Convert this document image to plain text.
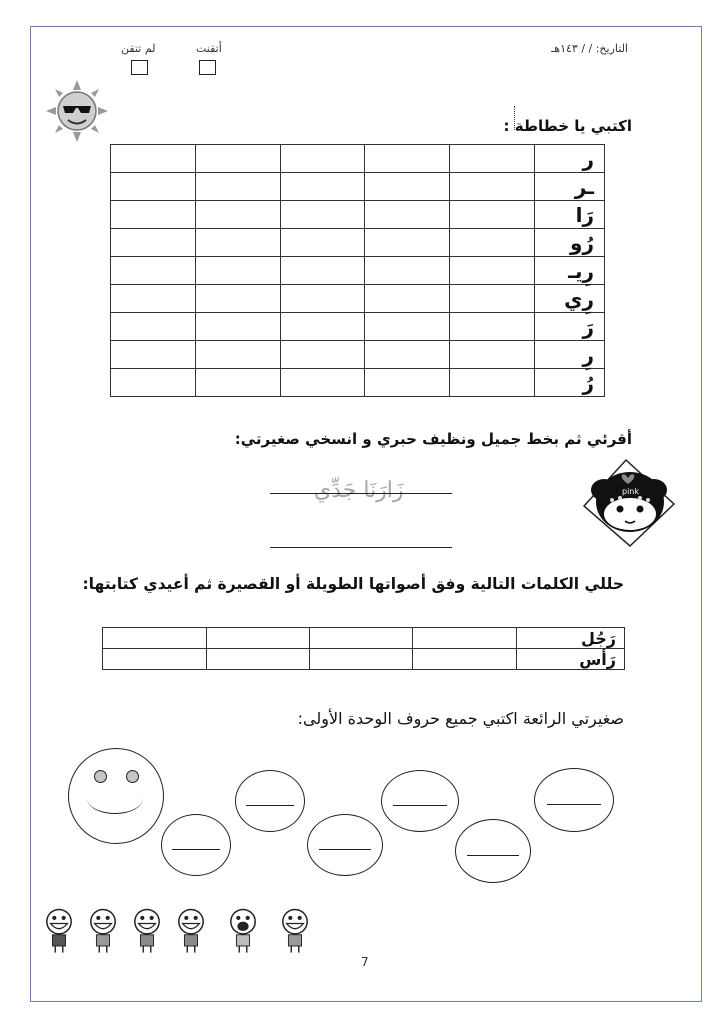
التاريخ: / / ١٤٣هـ
أتقنت
لم تتقن
اكتبي يا خطاطة :
ر					
ـر					
رَا					
رُو					
رِيـ					
رِي					
رَ					
رِ					
رُ					
أقرئي ثم بخط جميل ونظيف حبري و انسخي صغيرتي:
زَارَنَا جَدِّي	pink
حللي الكلمات التالية وفق أصواتها الطويلة أو القصيرة ثم أعيدي كتابتها:
رَجُل				
رَأس				
صغيرتي الرائعة اكتبي جميع حروف الوحدة الأولى:
7
